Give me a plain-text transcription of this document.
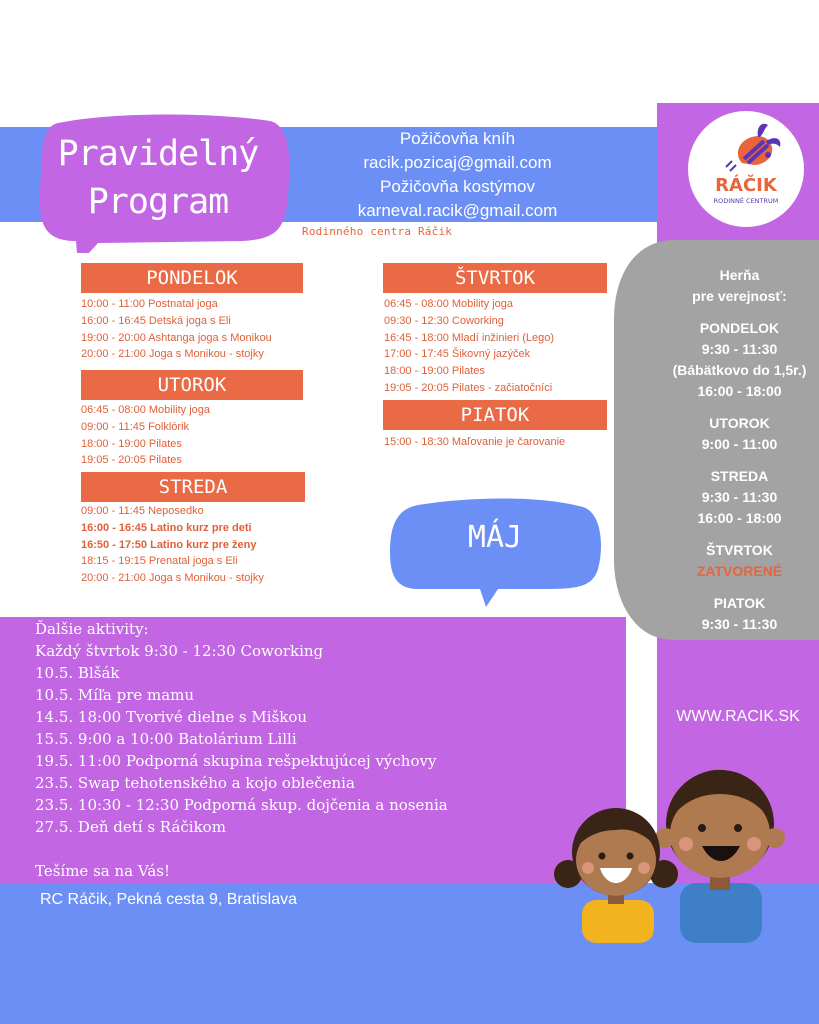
Pravidelný
Program
Požičovňa kníh
racik.pozicaj@gmail.com
Požičovňa kostýmov
karneval.racik@gmail.com
Rodinného centra Ráčik
PONDELOK
10:00 - 11:00 Postnatal joga
16:00 - 16:45 Detská joga s Eli
19:00 - 20:00 Ashtanga joga s Monikou
20:00 - 21:00 Joga s Monikou - stojky
UTOROK
06:45 - 08:00 Mobility joga
09:00 - 11:45 Folklórik
18:00 - 19:00 Pilates
19:05 - 20:05 Pilates
STREDA
09:00 - 11:45 Neposedko
16:00 - 16:45 Latino kurz pre deti
16:50 - 17:50 Latino kurz pre ženy
18:15 - 19:15 Prenatal joga s Eli
20:00 - 21:00 Joga s Monikou - stojky
ŠTVRTOK
06:45 - 08:00 Mobility joga
09:30 - 12:30 Coworking
16:45 - 18:00 Mladí inžinieri (Lego)
17:00 - 17:45 Šikovný jazýček
18:00 - 19:00 Pilates
19:05 - 20:05 Pilates - začiatočníci
PIATOK
15:00 - 18:30 Maľovanie je čarovanie
MÁJ
RÁČIK
RODINNÉ CENTRUM
Herňa
pre verejnosť:
PONDELOK
9:30 - 11:30
(Bábätkovo do 1,5r.)
16:00 - 18:00
UTOROK
9:00 - 11:00
STREDA
9:30 - 11:30
16:00 - 18:00
ŠTVRTOK
ZATVORENÉ
PIATOK
9:30 - 11:30
WWW.RACIK.SK
Ďalšie aktivity:
Každý štvrtok 9:30 - 12:30 Coworking
10.5. Blšák
10.5. Míľa pre mamu
14.5. 18:00 Tvorivé dielne s Miškou
15.5. 9:00 a 10:00 Batolárium Lilli
19.5. 11:00 Podporná skupina rešpektujúcej výchovy
23.5. Swap tehotenského a kojo oblečenia
23.5. 10:30 - 12:30 Podporná skup. dojčenia a nosenia
27.5. Deň detí s Ráčikom
Tešíme sa na Vás!
RC Ráčik, Pekná cesta 9, Bratislava
